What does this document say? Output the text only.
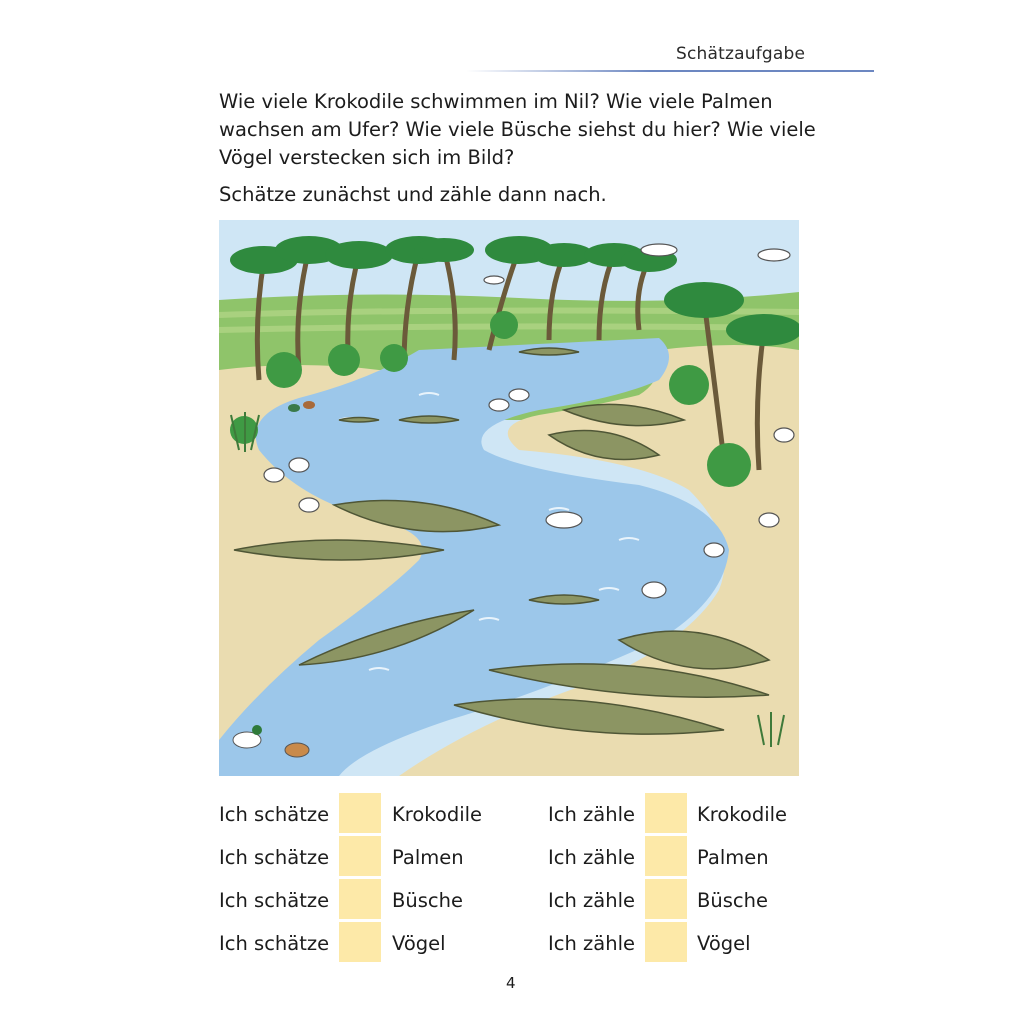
Schätzaufgabe

Wie viele Krokodile schwimmen im Nil? Wie viele Palmen wachsen am Ufer? Wie viele Büsche siehst du hier? Wie viele Vögel verstecken sich im Bild?

Schätze zunächst und zähle dann nach.

Ich schätze	Krokodile	Ich zähle	Krokodile
Ich schätze	Palmen	Ich zähle	Palmen
Ich schätze	Büsche	Ich zähle	Büsche
Ich schätze	Vögel	Ich zähle	Vögel
4
